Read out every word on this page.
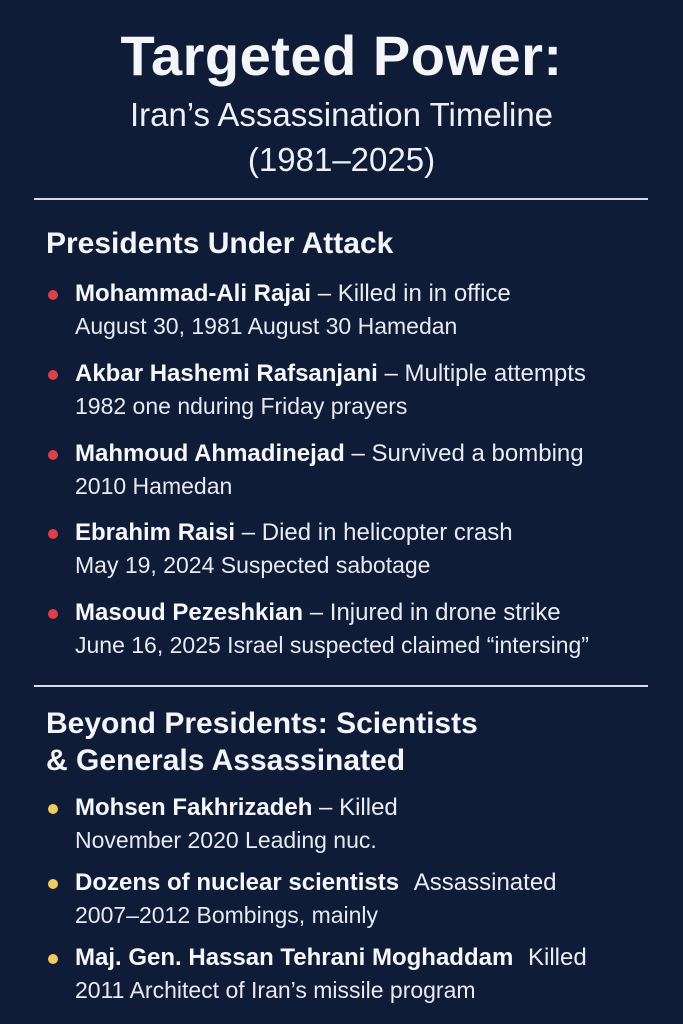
Targeted Power:
Iran’s Assassination Timeline
(1981–2025)
Presidents Under Attack
Mohammad-Ali Rajai – Killed in in office
August 30, 1981 August 30 Hamedan
Akbar Hashemi Rafsanjani – Multiple attempts
1982 one nduring Friday prayers
Mahmoud Ahmadinejad – Survived a bombing
2010 Hamedan
Ebrahim Raisi – Died in helicopter crash
May 19, 2024 Suspected sabotage
Masoud Pezeshkian – Injured in drone strike
June 16, 2025 Israel suspected claimed “intersing”
Beyond Presidents: Scientists
& Generals Assassinated
Mohsen Fakhrizadeh – Killed
November 2020 Leading nuc.
Dozens of nuclear scientists Assassinated
2007–2012 Bombings, mainly
Maj. Gen. Hassan Tehrani Moghaddam Killed
2011 Architect of Iran’s missile program
